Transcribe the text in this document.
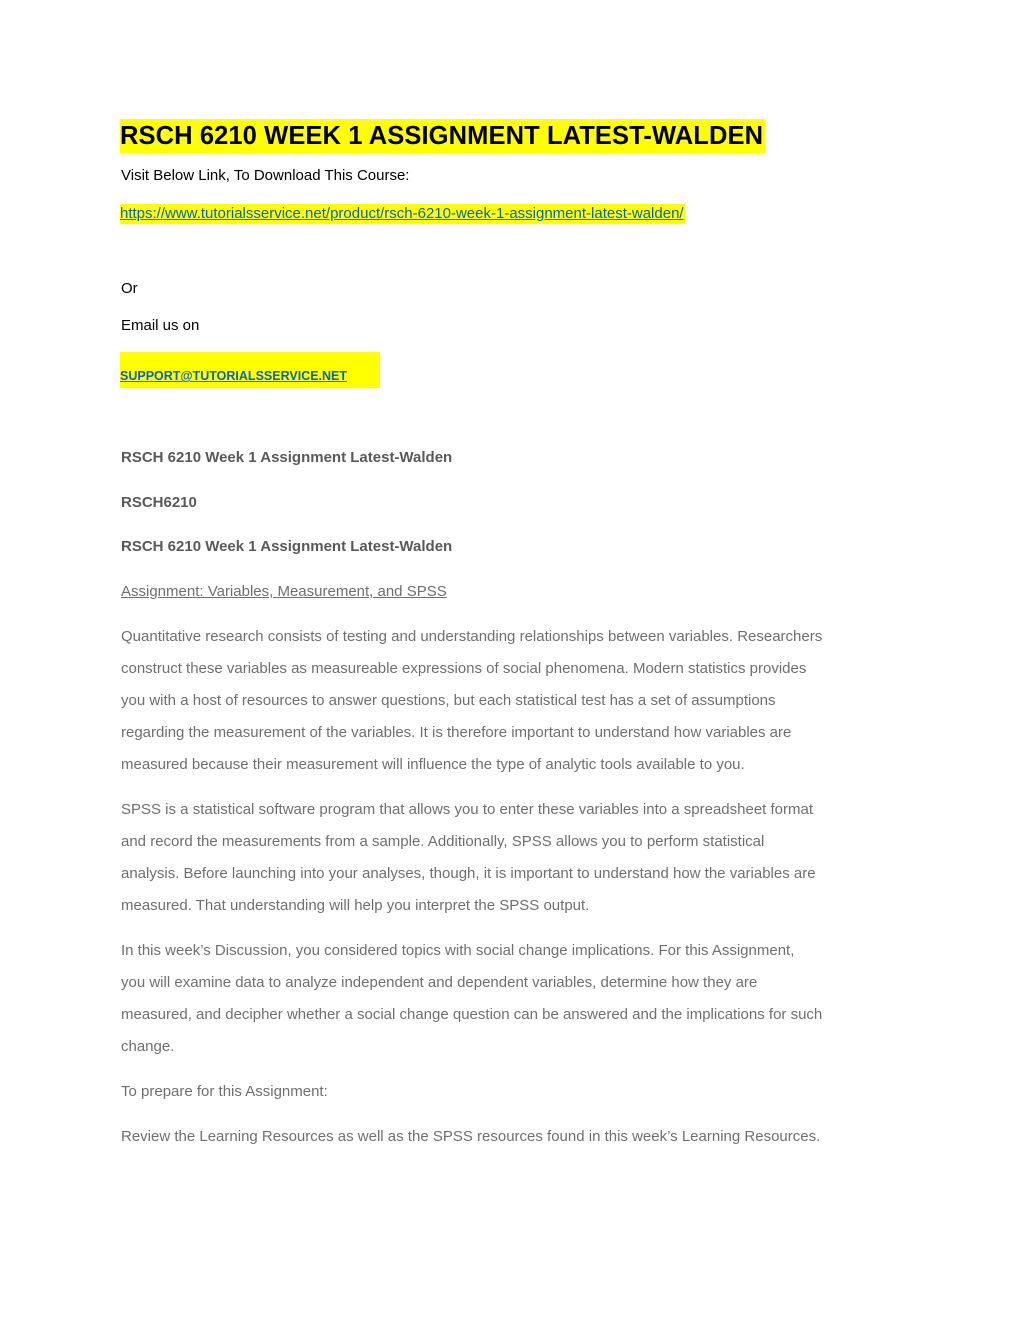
RSCH 6210 WEEK 1 ASSIGNMENT LATEST-WALDEN

Visit Below Link, To Download This Course:

https://www.tutorialsservice.net/product/rsch-6210-week-1-assignment-latest-walden/

Or

Email us on

SUPPORT@TUTORIALSSERVICE.NET

RSCH 6210 Week 1 Assignment Latest-Walden

RSCH6210

RSCH 6210 Week 1 Assignment Latest-Walden

Assignment: Variables, Measurement, and SPSS

Quantitative research consists of testing and understanding relationships between variables. Researchers
construct these variables as measureable expressions of social phenomena. Modern statistics provides
you with a host of resources to answer questions, but each statistical test has a set of assumptions
regarding the measurement of the variables. It is therefore important to understand how variables are
measured because their measurement will influence the type of analytic tools available to you.
SPSS is a statistical software program that allows you to enter these variables into a spreadsheet format
and record the measurements from a sample. Additionally, SPSS allows you to perform statistical
analysis. Before launching into your analyses, though, it is important to understand how the variables are
measured. That understanding will help you interpret the SPSS output.
In this week’s Discussion, you considered topics with social change implications. For this Assignment,
you will examine data to analyze independent and dependent variables, determine how they are
measured, and decipher whether a social change question can be answered and the implications for such
change.

To prepare for this Assignment:

Review the Learning Resources as well as the SPSS resources found in this week’s Learning Resources.
